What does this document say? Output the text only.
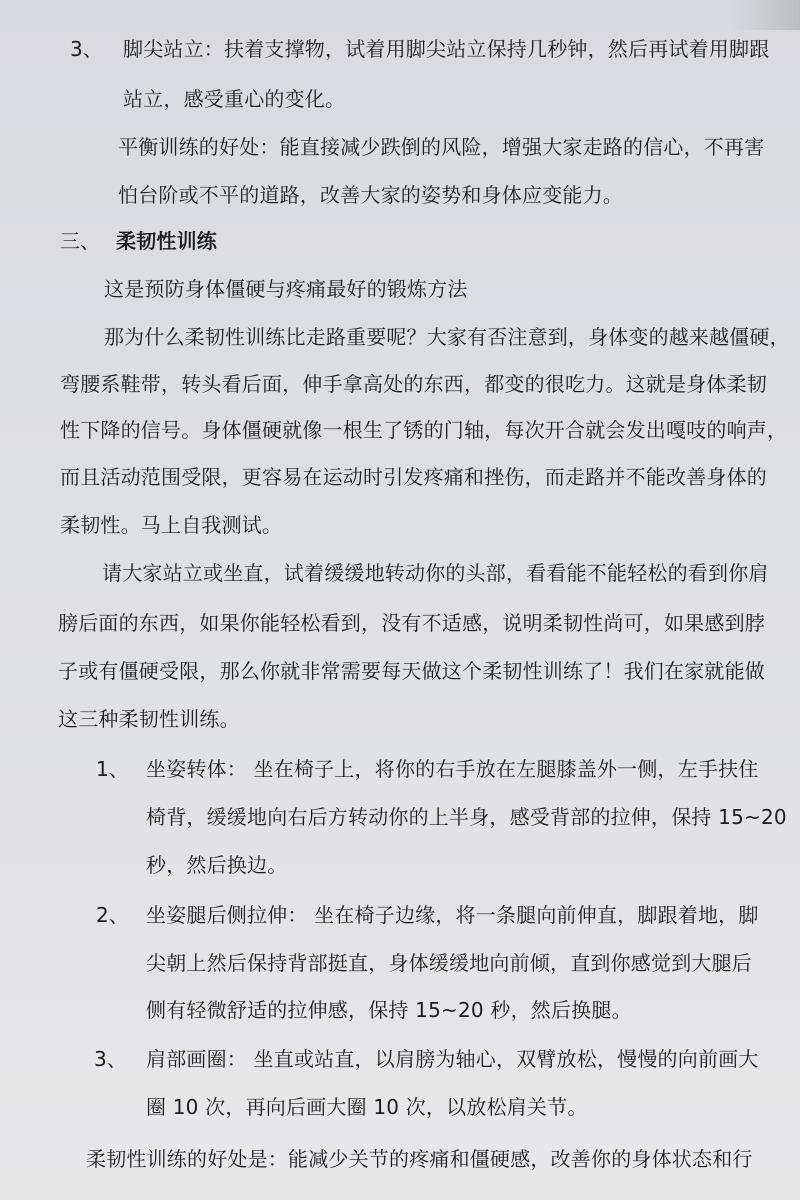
3、 脚尖站立：扶着支撑物，试着用脚尖站立保持几秒钟，然后再试着用脚跟
站立，感受重心的变化。
平衡训练的好处：能直接减少跌倒的风险，增强大家走路的信心，不再害
怕台阶或不平的道路，改善大家的姿势和身体应变能力。
三、 柔韧性训练
这是预防身体僵硬与疼痛最好的锻炼方法
那为什么柔韧性训练比走路重要呢？大家有否注意到，身体变的越来越僵硬，
弯腰系鞋带，转头看后面，伸手拿高处的东西，都变的很吃力。这就是身体柔韧
性下降的信号。身体僵硬就像一根生了锈的门轴，每次开合就会发出嘎吱的响声，
而且活动范围受限，更容易在运动时引发疼痛和挫伤，而走路并不能改善身体的
柔韧性。马上自我测试。
请大家站立或坐直，试着缓缓地转动你的头部，看看能不能轻松的看到你肩
膀后面的东西，如果你能轻松看到，没有不适感，说明柔韧性尚可，如果感到脖
子或有僵硬受限，那么你就非常需要每天做这个柔韧性训练了！我们在家就能做
这三种柔韧性训练。
1、 坐姿转体： 坐在椅子上，将你的右手放在左腿膝盖外一侧，左手扶住
椅背，缓缓地向右后方转动你的上半身，感受背部的拉伸，保持 15~20
秒，然后换边。
2、 坐姿腿后侧拉伸： 坐在椅子边缘，将一条腿向前伸直，脚跟着地，脚
尖朝上然后保持背部挺直，身体缓缓地向前倾，直到你感觉到大腿后
侧有轻微舒适的拉伸感，保持 15~20 秒，然后换腿。
3、 肩部画圈： 坐直或站直，以肩膀为轴心，双臂放松，慢慢的向前画大
圈 10 次，再向后画大圈 10 次，以放松肩关节。
柔韧性训练的好处是：能减少关节的疼痛和僵硬感，改善你的身体状态和行
